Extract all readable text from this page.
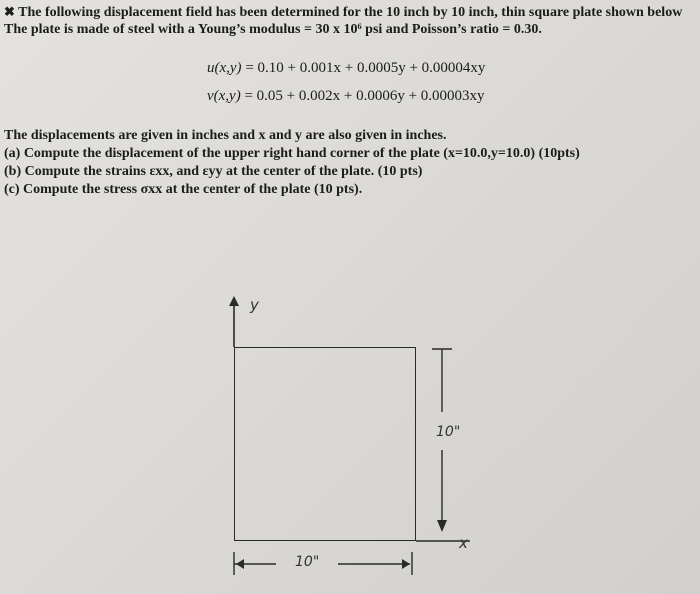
✖ The following displacement field has been determined for the 10 inch by 10 inch, thin square plate shown below
The plate is made of steel with a Young’s modulus = 30 x 10⁶ psi and Poisson’s ratio = 0.30.
u(x,y) = 0.10 + 0.001x + 0.0005y + 0.00004xy
v(x,y) = 0.05 + 0.002x + 0.0006y + 0.00003xy
The displacements are given in inches and x and y are also given in inches.
(a) Compute the displacement of the upper right hand corner of the plate (x=10.0,y=10.0) (10pts)
(b) Compute the strains εxx, and εyy at the center of the plate. (10 pts)
(c) Compute the stress σxx at the center of the plate (10 pts).
y
x
10"
10"
